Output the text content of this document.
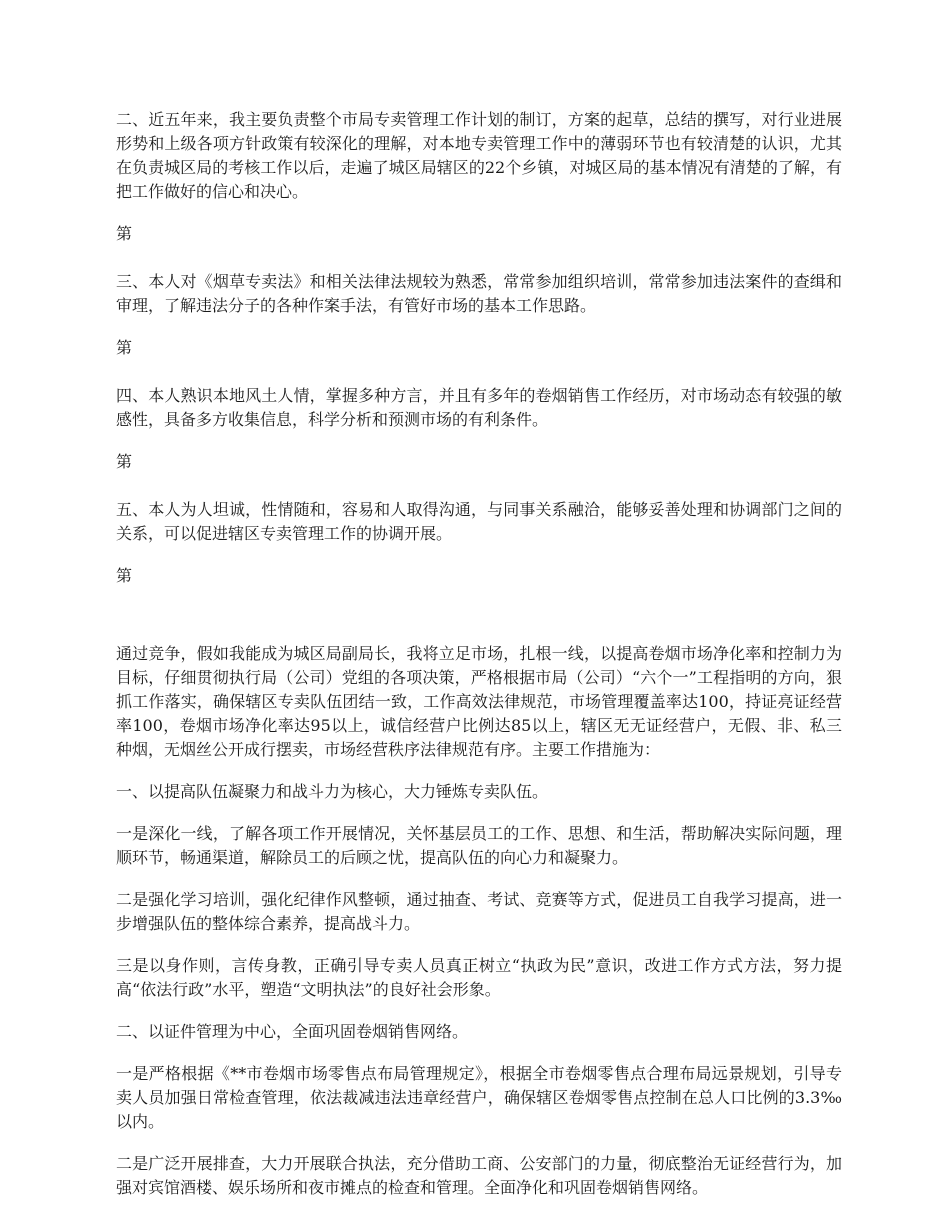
二、近五年来，我主要负责整个市局专卖管理工作计划的制订，方案的起草，总结的撰写，对行业进展形势和上级各项方针政策有较深化的理解，对本地专卖管理工作中的薄弱环节也有较清楚的认识，尤其在负责城区局的考核工作以后，走遍了城区局辖区的22个乡镇，对城区局的基本情况有清楚的了解，有把工作做好的信心和决心。

第

三、本人对《烟草专卖法》和相关法律法规较为熟悉，常常参加组织培训，常常参加违法案件的查缉和审理，了解违法分子的各种作案手法，有管好市场的基本工作思路。

第

四、本人熟识本地风土人情，掌握多种方言，并且有多年的卷烟销售工作经历，对市场动态有较强的敏感性，具备多方收集信息，科学分析和预测市场的有利条件。

第

五、本人为人坦诚，性情随和，容易和人取得沟通，与同事关系融洽，能够妥善处理和协调部门之间的关系，可以促进辖区专卖管理工作的协调开展。

第

通过竞争，假如我能成为城区局副局长，我将立足市场，扎根一线，以提高卷烟市场净化率和控制力为目标，仔细贯彻执行局（公司）党组的各项决策，严格根据市局（公司）“六个一”工程指明的方向，狠抓工作落实，确保辖区专卖队伍团结一致，工作高效法律规范，市场管理覆盖率达100，持证亮证经营率100，卷烟市场净化率达95以上，诚信经营户比例达85以上，辖区无无证经营户，无假、非、私三种烟，无烟丝公开成行摆卖，市场经营秩序法律规范有序。主要工作措施为：

一、以提高队伍凝聚力和战斗力为核心，大力锤炼专卖队伍。

一是深化一线，了解各项工作开展情况，关怀基层员工的工作、思想、和生活，帮助解决实际问题，理顺环节，畅通渠道，解除员工的后顾之忧，提高队伍的向心力和凝聚力。

二是强化学习培训，强化纪律作风整顿，通过抽查、考试、竞赛等方式，促进员工自我学习提高，进一步增强队伍的整体综合素养，提高战斗力。

三是以身作则，言传身教，正确引导专卖人员真正树立“执政为民”意识，改进工作方式方法，努力提高“依法行政”水平，塑造“文明执法”的良好社会形象。

二、以证件管理为中心，全面巩固卷烟销售网络。

一是严格根据《**市卷烟市场零售点布局管理规定》，根据全市卷烟零售点合理布局远景规划，引导专卖人员加强日常检查管理，依法裁减违法违章经营户，确保辖区卷烟零售点控制在总人口比例的3.3‰以内。

二是广泛开展排查，大力开展联合执法，充分借助工商、公安部门的力量，彻底整治无证经营行为，加强对宾馆酒楼、娱乐场所和夜市摊点的检查和管理。全面净化和巩固卷烟销售网络。
